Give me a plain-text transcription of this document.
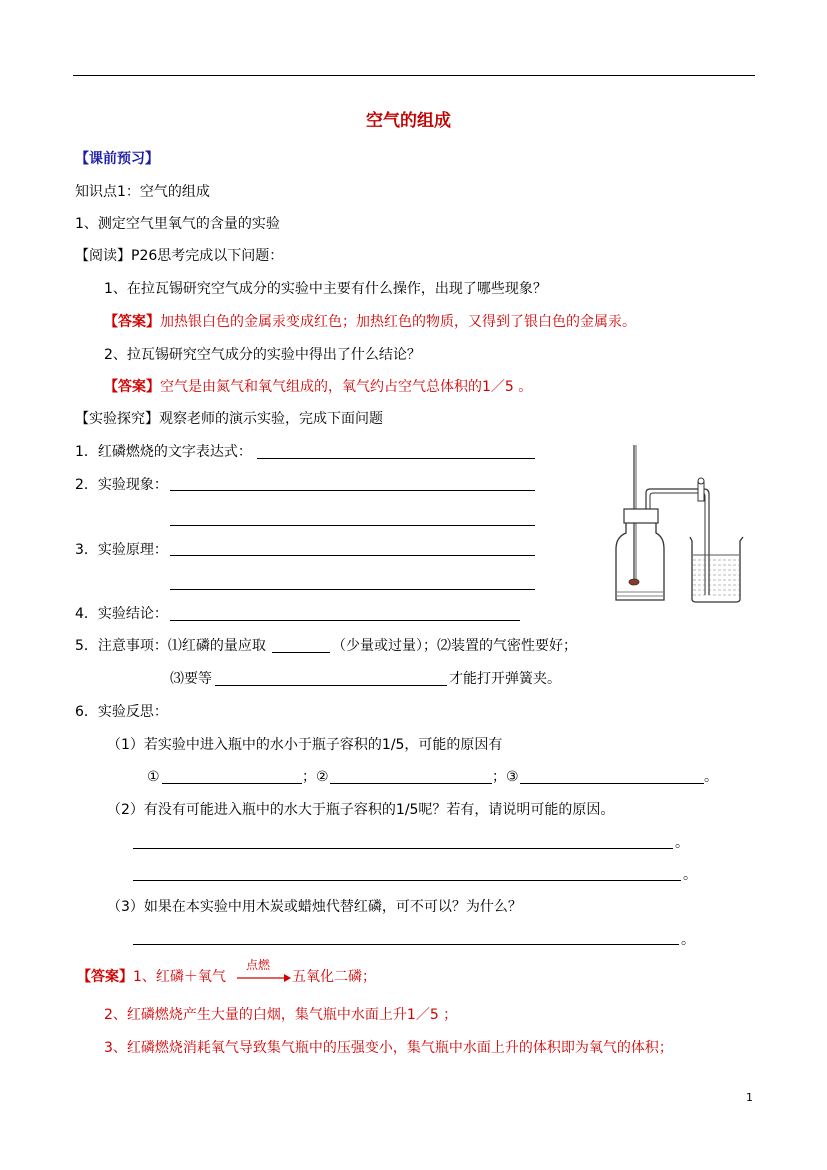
空气的组成
【课前预习】
知识点1：空气的组成
1、测定空气里氧气的含量的实验
【阅读】P26思考完成以下问题：
1、在拉瓦锡研究空气成分的实验中主要有什么操作，出现了哪些现象？
【答案】加热银白色的金属汞变成红色；加热红色的物质，又得到了银白色的金属汞。
2、拉瓦锡研究空气成分的实验中得出了什么结论？
【答案】空气是由氮气和氧气组成的，氧气约占空气总体积的1／5 。
【实验探究】观察老师的演示实验，完成下面问题
1．红磷燃烧的文字表达式：
2．实验现象：
3．实验原理：
4．实验结论：
5．注意事项：⑴红磷的量应取	（少量或过量）；⑵装置的气密性要好；
⑶要等	才能打开弹簧夹。
6．实验反思：
（1）若实验中进入瓶中的水小于瓶子容积的1/5，可能的原因有
①	；②	；③	。
（2）有没有可能进入瓶中的水大于瓶子容积的1/5呢？若有，请说明可能的原因。
。
。
（3）如果在本实验中用木炭或蜡烛代替红磷，可不可以？为什么？
。
【答案】1、红磷＋氧气
点燃
→ 五氧化二磷；
2、红磷燃烧产生大量的白烟，集气瓶中水面上升1／5 ；
3、红磷燃烧消耗氧气导致集气瓶中的压强变小，集气瓶中水面上升的体积即为氧气的体积；
1
